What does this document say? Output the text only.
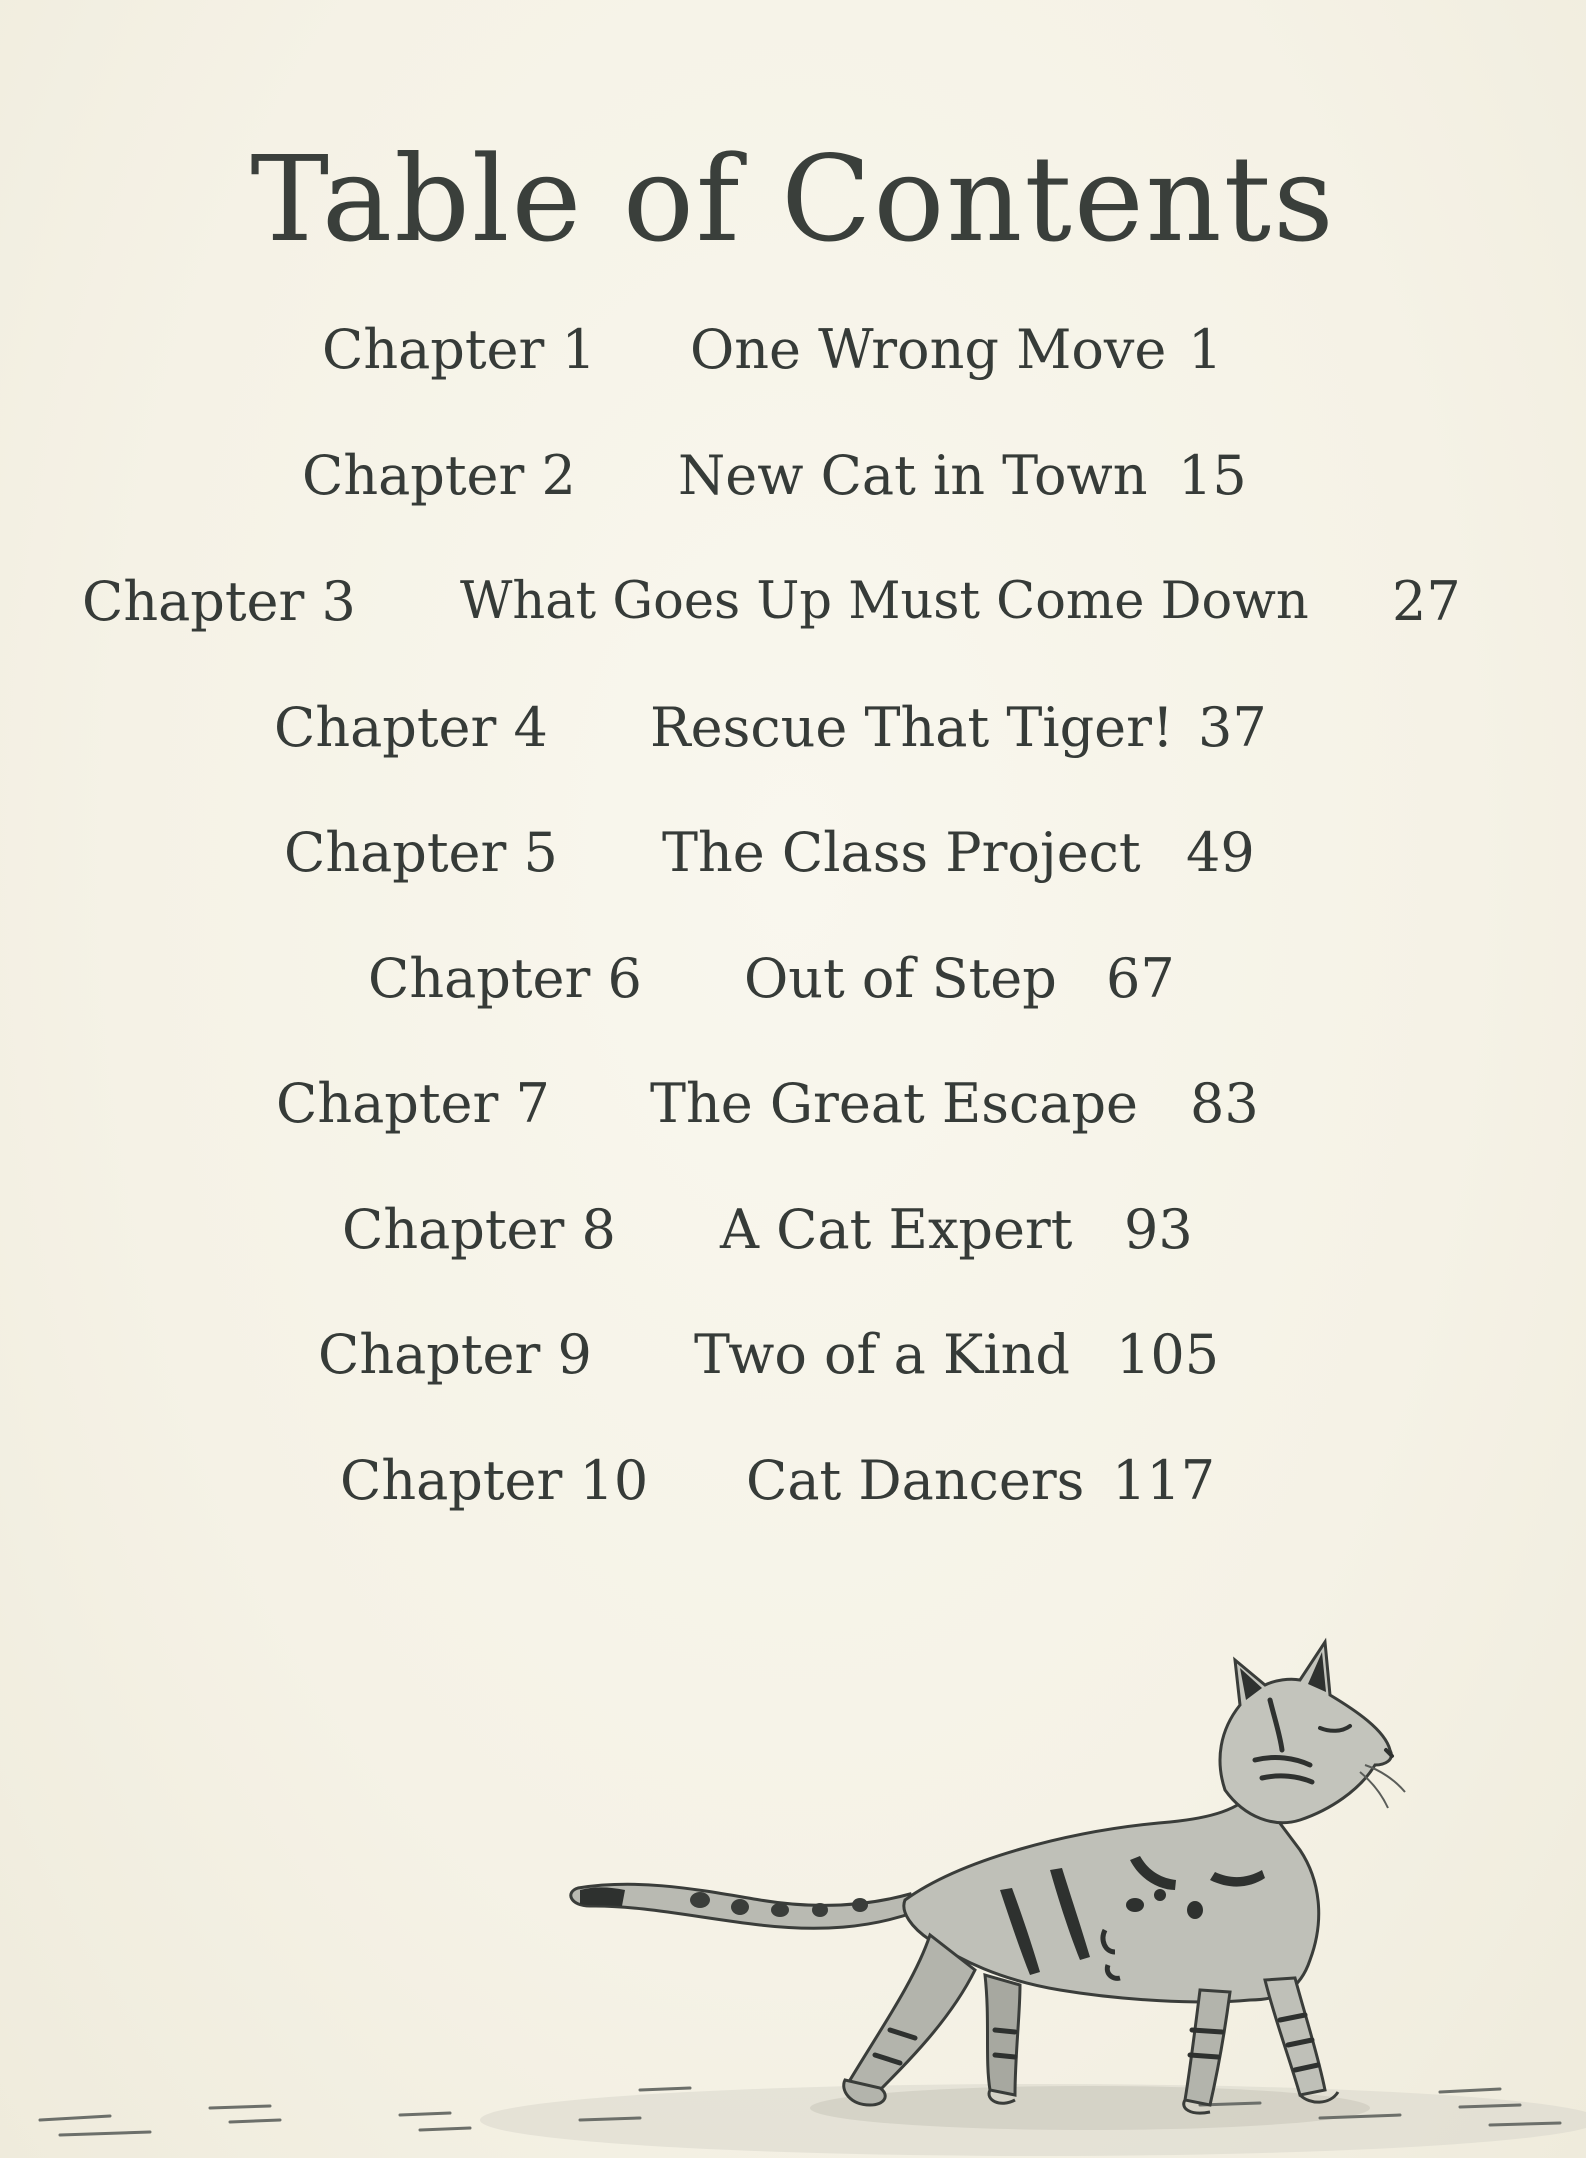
Table of Contents
Chapter 1 One Wrong Move 1
Chapter 2 New Cat in Town 15
Chapter 3 What Goes Up Must Come Down 27
Chapter 4 Rescue That Tiger! 37
Chapter 5 The Class Project 49
Chapter 6 Out of Step 67
Chapter 7 The Great Escape 83
Chapter 8 A Cat Expert 93
Chapter 9 Two of a Kind 105
Chapter 10 Cat Dancers 117
